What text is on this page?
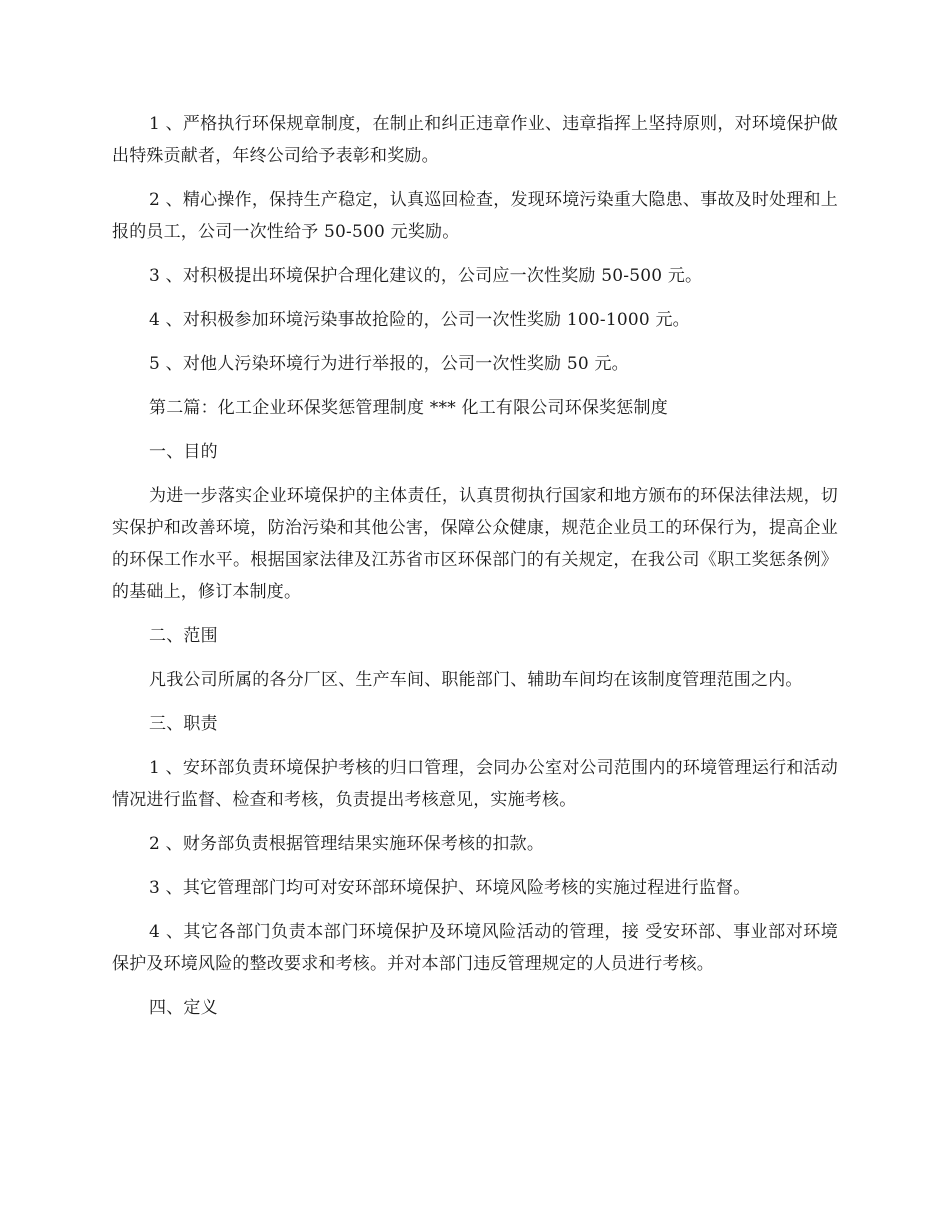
1 、严格执行环保规章制度，在制止和纠正违章作业、违章指挥上坚持原则，对环境保护做出特殊贡献者，年终公司给予表彰和奖励。

2 、精心操作，保持生产稳定，认真巡回检查，发现环境污染重大隐患、事故及时处理和上报的员工，公司一次性给予 50-500 元奖励。

3 、对积极提出环境保护合理化建议的，公司应一次性奖励 50-500 元。

4 、对积极参加环境污染事故抢险的，公司一次性奖励 100-1000 元。

5 、对他人污染环境行为进行举报的，公司一次性奖励 50 元。

第二篇：化工企业环保奖惩管理制度 *** 化工有限公司环保奖惩制度

一、目的

为进一步落实企业环境保护的主体责任，认真贯彻执行国家和地方颁布的环保法律法规，切实保护和改善环境，防治污染和其他公害，保障公众健康，规范企业员工的环保行为，提高企业的环保工作水平。根据国家法律及江苏省市区环保部门的有关规定，在我公司《职工奖惩条例》的基础上，修订本制度。

二、范围

凡我公司所属的各分厂区、生产车间、职能部门、辅助车间均在该制度管理范围之内。

三、职责

1 、安环部负责环境保护考核的归口管理，会同办公室对公司范围内的环境管理运行和活动情况进行监督、检查和考核，负责提出考核意见，实施考核。

2 、财务部负责根据管理结果实施环保考核的扣款。

3 、其它管理部门均可对安环部环境保护、环境风险考核的实施过程进行监督。

4 、其它各部门负责本部门环境保护及环境风险活动的管理，接 受安环部、事业部对环境保护及环境风险的整改要求和考核。并对本部门违反管理规定的人员进行考核。

四、定义
